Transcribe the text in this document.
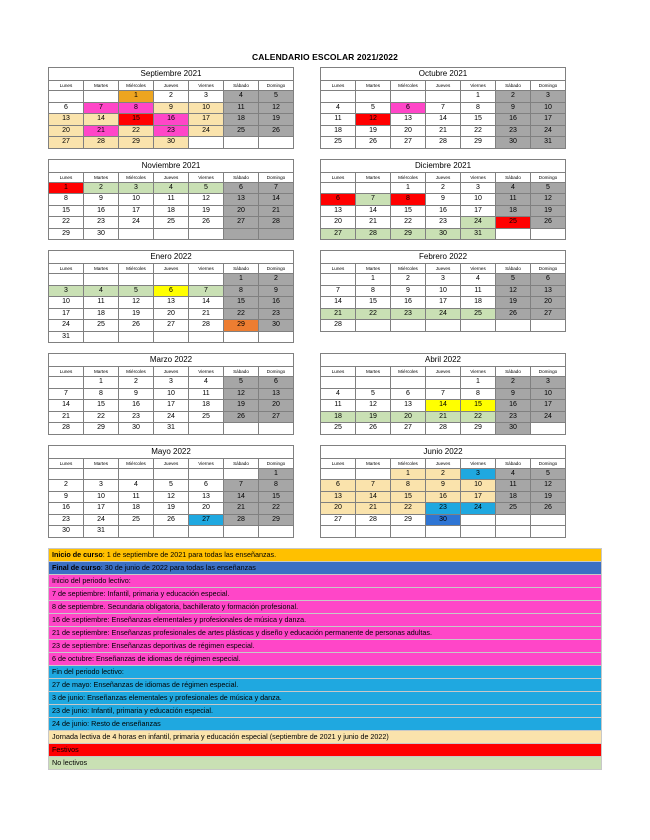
CALENDARIO ESCOLAR 2021/2022
Septiembre 2021						
Lunes	Martes	Miércoles	Jueves	Viernes	Sábado	Domingo
		1	2	3	4	5
6	7	8	9	10	11	12
13	14	15	16	17	18	19
20	21	22	23	24	25	26
27	28	29	30			
Octubre 2021						
Lunes	Martes	Miércoles	Jueves	Viernes	Sábado	Domingo
				1	2	3
4	5	6	7	8	9	10
11	12	13	14	15	16	17
18	19	20	21	22	23	24
25	26	27	28	29	30	31
Noviembre 2021						
Lunes	Martes	Miércoles	Jueves	Viernes	Sábado	Domingo
1	2	3	4	5	6	7
8	9	10	11	12	13	14
15	16	17	18	19	20	21
22	23	24	25	26	27	28
29	30					
Diciembre 2021						
Lunes	Martes	Miércoles	Jueves	Viernes	Sábado	Domingo
		1	2	3	4	5
6	7	8	9	10	11	12
13	14	15	16	17	18	19
20	21	22	23	24	25	26
27	28	29	30	31		
Enero 2022						
Lunes	Martes	Miércoles	Jueves	Viernes	Sábado	Domingo
					1	2
3	4	5	6	7	8	9
10	11	12	13	14	15	16
17	18	19	20	21	22	23
24	25	26	27	28	29	30
31						
Febrero 2022						
Lunes	Martes	Miércoles	Jueves	Viernes	Sábado	Domingo
	1	2	3	4	5	6
7	8	9	10	11	12	13
14	15	16	17	18	19	20
21	22	23	24	25	26	27
28						
Marzo 2022						
Lunes	Martes	Miércoles	Jueves	Viernes	Sábado	Domingo
	1	2	3	4	5	6
7	8	9	10	11	12	13
14	15	16	17	18	19	20
21	22	23	24	25	26	27
28	29	30	31			
Abril 2022						
Lunes	Martes	Miércoles	Jueves	Viernes	Sábado	Domingo
				1	2	3
4	5	6	7	8	9	10
11	12	13	14	15	16	17
18	19	20	21	22	23	24
25	26	27	28	29	30	
Mayo 2022						
Lunes	Martes	Miércoles	Jueves	Viernes	Sábado	Domingo
						1
2	3	4	5	6	7	8
9	10	11	12	13	14	15
16	17	18	19	20	21	22
23	24	25	26	27	28	29
30	31					
Junio 2022						
Lunes	Martes	Miércoles	Jueves	Viernes	Sábado	Domingo
		1	2	3	4	5
6	7	8	9	10	11	12
13	14	15	16	17	18	19
20	21	22	23	24	25	26
27	28	29	30			

Inicio de curso: 1 de septiembre de 2021 para todas las enseñanzas.
Final de curso: 30 de junio de 2022 para todas las enseñanzas
Inicio del periodo lectivo:
7 de septiembre: Infantil, primaria y educación especial.
8 de septiembre. Secundaria obligatoria, bachillerato y formación profesional.
16 de septiembre: Enseñanzas elementales y profesionales de música y danza.
21 de septiembre: Enseñanzas profesionales de artes plásticas y diseño y educación permanente de personas adultas.
23 de septiembre: Enseñanzas deportivas de régimen especial.
6 de octubre: Enseñanzas de idiomas de régimen especial.
Fin del periodo lectivo:
27 de mayo: Enseñanzas de idiomas de régimen especial.
3 de junio: Enseñanzas elementales y profesionales de música y danza.
23 de junio: Infantil, primaria y educación especial.
24 de junio: Resto de enseñanzas
Jornada lectiva de 4 horas en infantil, primaria y educación especial (septiembre de 2021 y junio de 2022)
Festivos
No lectivos
